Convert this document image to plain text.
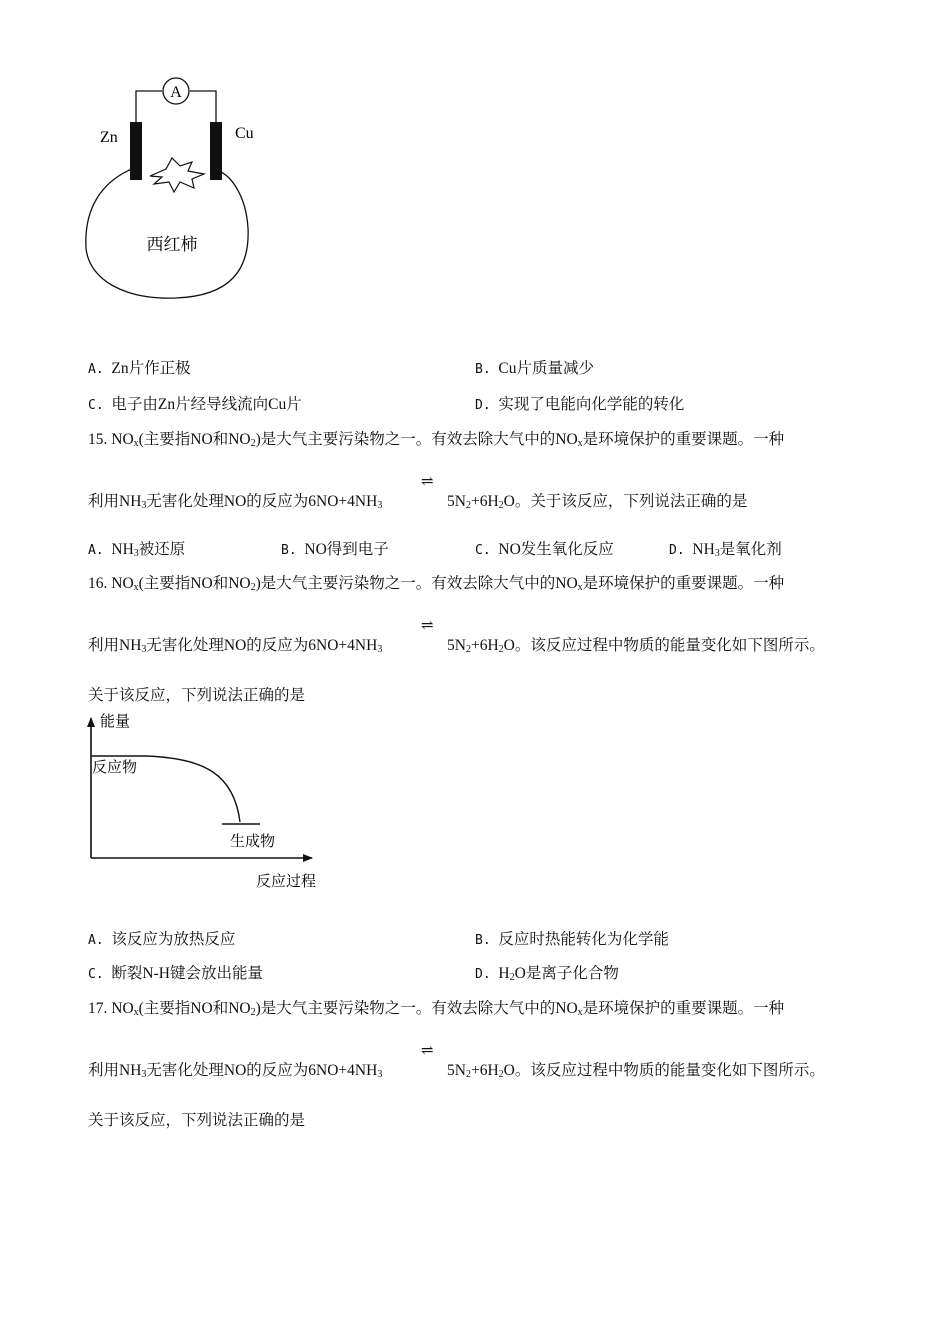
A
Zn	Cu
西红柿
A. Zn片作正极	B. Cu片质量减少
C. 电子由Zn片经导线流向Cu片	D. 实现了电能向化学能的转化
15. $NO_x$(主要指NO和$NO_2$)是大气主要污染物之一。有效去除大气中的$NO_x$是环境保护的重要课题。一种
⇌
利用$NH_3$无害化处理NO的反应为$6NO+4NH_3$	$5N_2+6H_2O$。关于该反应，下列说法正确的是
A. $NH_3$被还原	B. NO得到电子	C. NO发生氧化反应	D. $NH_3$是氧化剂
16. $NO_x$(主要指NO和$NO_2$)是大气主要污染物之一。有效去除大气中的$NO_x$是环境保护的重要课题。一种
⇌
利用$NH_3$无害化处理NO的反应为$6NO+4NH_3$	$5N_2+6H_2O$。该反应过程中物质的能量变化如下图所示。
关于该反应，下列说法正确的是
能量
反应物
生成物
反应过程
A. 该反应为放热反应	B. 反应时热能转化为化学能
C. 断裂N-H键会放出能量	D. $H_2O$是离子化合物
17. $NO_x$(主要指NO和$NO_2$)是大气主要污染物之一。有效去除大气中的$NO_x$是环境保护的重要课题。一种
⇌
利用$NH_3$无害化处理NO的反应为$6NO+4NH_3$	$5N_2+6H_2O$。该反应过程中物质的能量变化如下图所示。
关于该反应，下列说法正确的是
